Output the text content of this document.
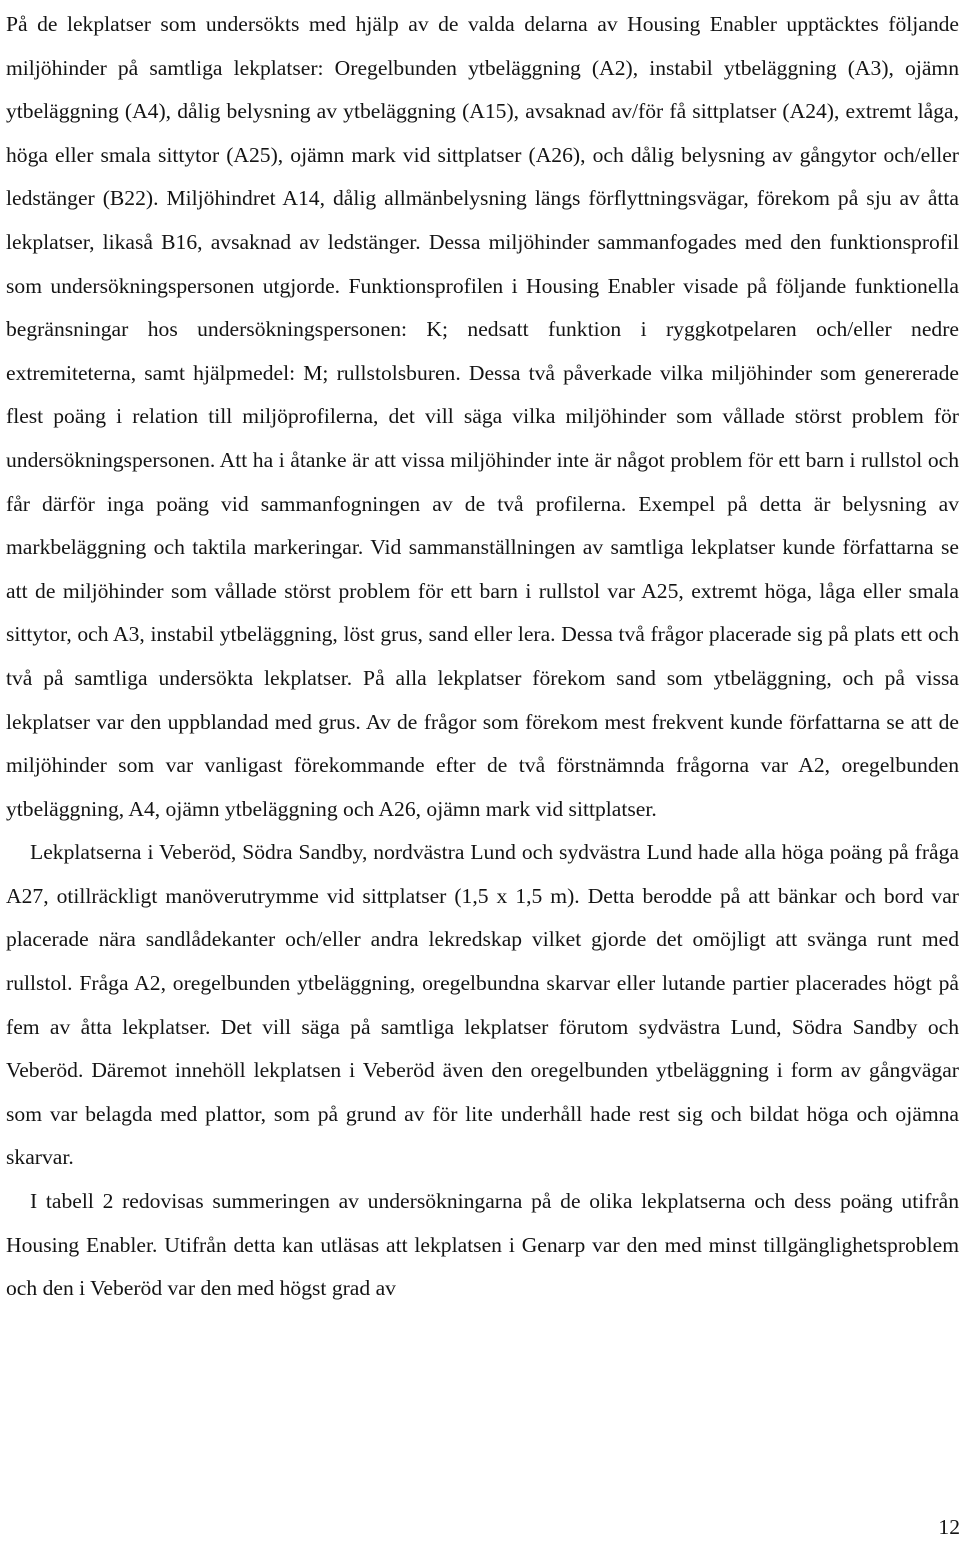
På de lekplatser som undersökts med hjälp av de valda delarna av Housing Enabler upptäcktes följande miljöhinder på samtliga lekplatser: Oregelbunden ytbeläggning (A2), instabil ytbeläggning (A3), ojämn ytbeläggning (A4), dålig belysning av ytbeläggning (A15), avsaknad av/för få sittplatser (A24), extremt låga, höga eller smala sittytor (A25), ojämn mark vid sittplatser (A26), och dålig belysning av gångytor och/eller ledstänger (B22). Miljöhindret A14, dålig allmänbelysning längs förflyttningsvägar, förekom på sju av åtta lekplatser, likaså B16, avsaknad av ledstänger. Dessa miljöhinder sammanfogades med den funktionsprofil som undersökningspersonen utgjorde. Funktionsprofilen i Housing Enabler visade på följande funktionella begränsningar hos undersökningspersonen: K; nedsatt funktion i ryggkotpelaren och/eller nedre extremiteterna, samt hjälpmedel: M; rullstolsburen. Dessa två påverkade vilka miljöhinder som genererade flest poäng i relation till miljöprofilerna, det vill säga vilka miljöhinder som vållade störst problem för undersökningspersonen. Att ha i åtanke är att vissa miljöhinder inte är något problem för ett barn i rullstol och får därför inga poäng vid sammanfogningen av de två profilerna. Exempel på detta är belysning av markbeläggning och taktila markeringar. Vid sammanställningen av samtliga lekplatser kunde författarna se att de miljöhinder som vållade störst problem för ett barn i rullstol var A25, extremt höga, låga eller smala sittytor, och A3, instabil ytbeläggning, löst grus, sand eller lera. Dessa två frågor placerade sig på plats ett och två på samtliga undersökta lekplatser. På alla lekplatser förekom sand som ytbeläggning, och på vissa lekplatser var den uppblandad med grus. Av de frågor som förekom mest frekvent kunde författarna se att de miljöhinder som var vanligast förekommande efter de två förstnämnda frågorna var A2, oregelbunden ytbeläggning, A4, ojämn ytbeläggning och A26, ojämn mark vid sittplatser.

Lekplatserna i Veberöd, Södra Sandby, nordvästra Lund och sydvästra Lund hade alla höga poäng på fråga A27, otillräckligt manöverutrymme vid sittplatser (1,5 x 1,5 m). Detta berodde på att bänkar och bord var placerade nära sandlådekanter och/eller andra lekredskap vilket gjorde det omöjligt att svänga runt med rullstol. Fråga A2, oregelbunden ytbeläggning, oregelbundna skarvar eller lutande partier placerades högt på fem av åtta lekplatser. Det vill säga på samtliga lekplatser förutom sydvästra Lund, Södra Sandby och Veberöd. Däremot innehöll lekplatsen i Veberöd även den oregelbunden ytbeläggning i form av gångvägar som var belagda med plattor, som på grund av för lite underhåll hade rest sig och bildat höga och ojämna skarvar.

I tabell 2 redovisas summeringen av undersökningarna på de olika lekplatserna och dess poäng utifrån Housing Enabler. Utifrån detta kan utläsas att lekplatsen i Genarp var den med minst tillgänglighetsproblem och den i Veberöd var den med högst grad av

12
